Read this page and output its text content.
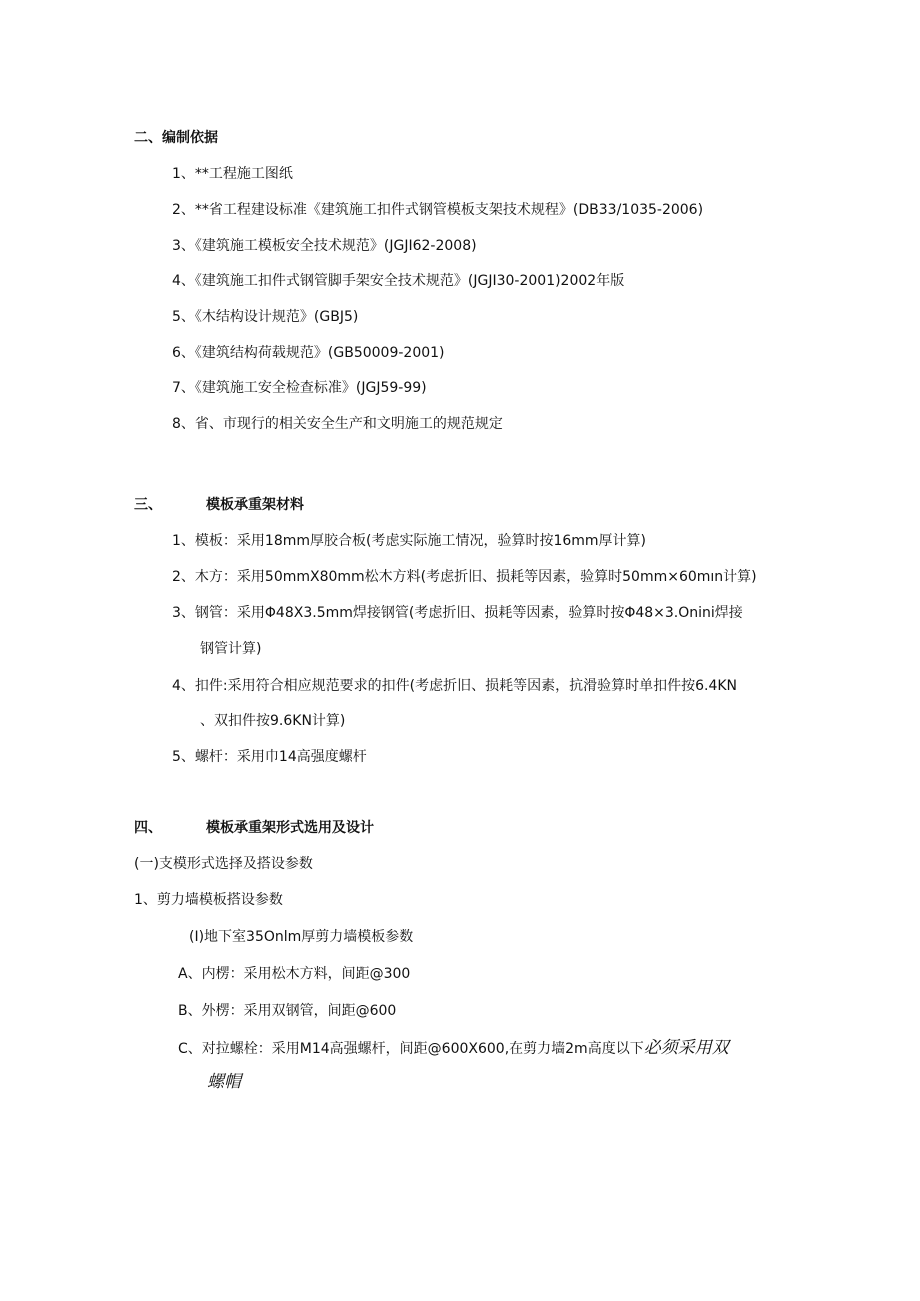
二、编制依据
1、**工程施工图纸
2、**省工程建设标准《建筑施工扣件式钢管模板支架技术规程》(DB33/1035-2006)
3、《建筑施工模板安全技术规范》(JGJI62-2008)
4、《建筑施工扣件式钢管脚手架安全技术规范》(JGJI30-2001)2002年版
5、《木结构设计规范》(GBJ5)
6、《建筑结构荷载规范》(GB50009-2001)
7、《建筑施工安全检查标准》(JGJ59-99)
8、省、市现行的相关安全生产和文明施工的规范规定
三、	模板承重架材料
1、模板：采用18mm厚胶合板(考虑实际施工情况，验算时按16mm厚计算)
2、木方：采用50mmX80mm松木方料(考虑折旧、损耗等因素，验算时50mm×60mın计算)
3、钢管：采用Φ48X3.5mm焊接钢管(考虑折旧、损耗等因素，验算时按Φ48×3.Onini焊接
钢管计算)
4、扣件:采用符合相应规范要求的扣件(考虑折旧、损耗等因素，抗滑验算时单扣件按6.4KN
、双扣件按9.6KN计算)
5、螺杆：采用巾14高强度螺杆
四、	模板承重架形式选用及设计
(一)支模形式选择及搭设参数
1、剪力墙模板搭设参数
(I)地下室35Onlm厚剪力墙模板参数
A、内楞：采用松木方料，间距@300
B、外楞：采用双钢管，间距@600
C、对拉螺栓：采用M14高强螺杆，间距@600X600,在剪力墙2m高度以下必须采用双
螺帽
